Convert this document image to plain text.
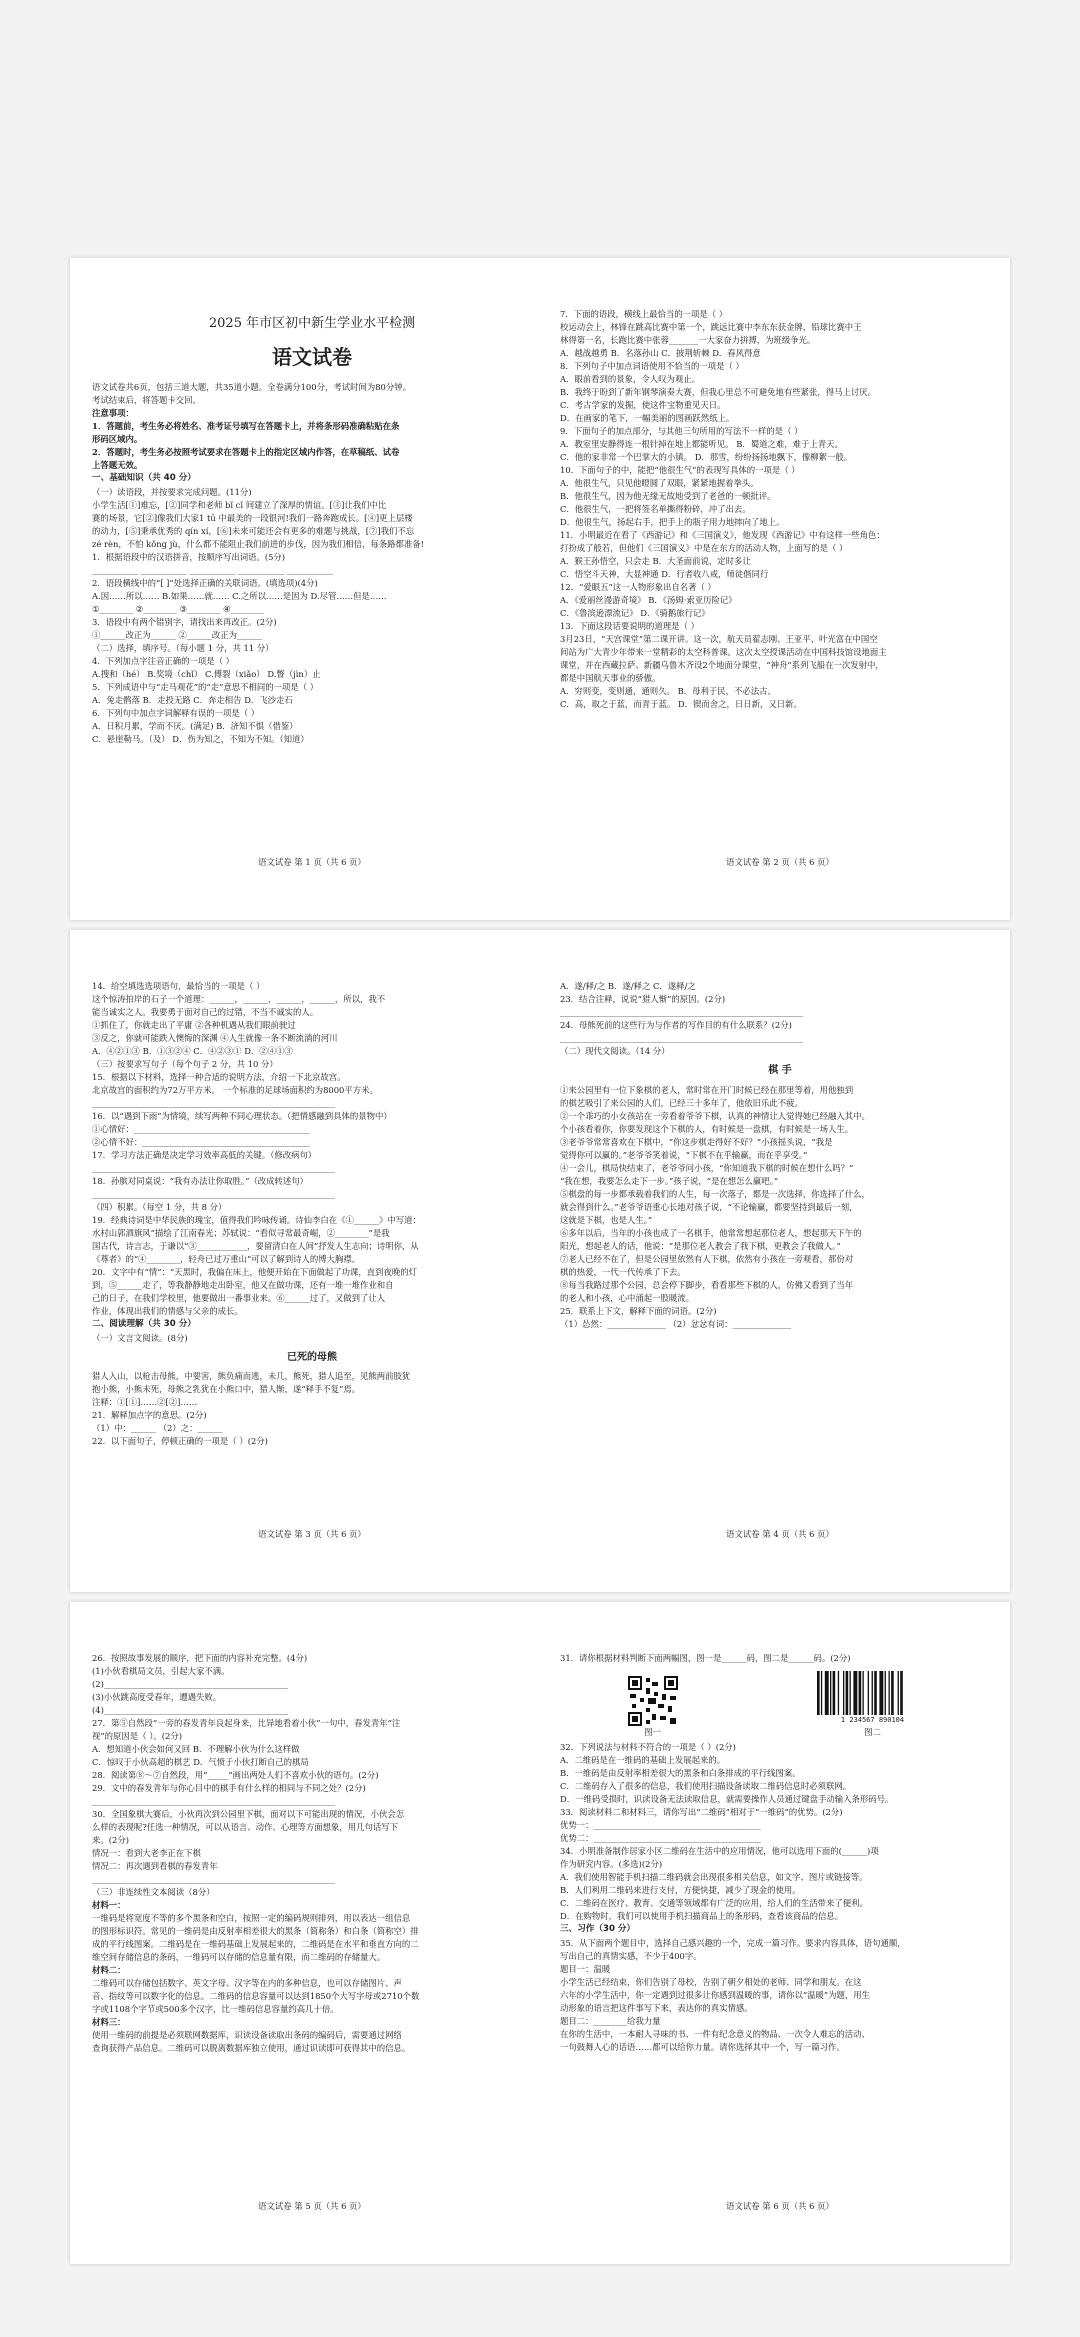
2025 年市区初中新生学业水平检测
语文试卷
语文试卷共6页，包括三道大题，共35道小题。全卷满分100分，考试时间为80分钟。
考试结束后，将答题卡交回。
注意事项：
1．答题前，考生务必将姓名、准考证号填写在答题卡上，并将条形码准确粘贴在条
形码区域内。
2．答题时，考生务必按照考试要求在答题卡上的指定区域内作答，在草稿纸、试卷
上答题无效。
一、基础知识（共 40 分）
（一）读语段，并按要求完成问题。(11分)
小学生活[①]难忘，[②]同学和老师 bǐ cǐ 间建立了深厚的情谊。[③]让我们中比
赛的场景，它[②]像我们大家1 tū 中最美的一段银河!我们一路奔跑成长。[④]更上层楼
的动力，[⑤]秉承优秀的 qín xí，[⑥]未来可能还会有更多的难题与挑战，[⑦]我们不忘
zé rèn，不怕 kǒng jù，什么都不能阻止我们前进的步伐，因为我们相信，每条路都准备!
1．根据语段中的汉语拼音，按顺序写出词语。(5分)
___________ ___________ ___________ ___________ ___________
2．语段横线中的“[ ]”处选择正确的关联词语。(填选项)(4分)
A.因……所以…… B.如果……就…… C.之所以……是因为 D.尽管……但是……
①________ ②________ ③________ ④________
3．语段中有两个错别字，请找出来再改正。(2分)
①______改正为______ ②______改正为______
（二）选择，填序号。（每小题 1 分，共 11 分）
4．下列加点字注音正确的一项是（ ）
A.搜和（hé） B.奖境（chǐ） C.傅裂（xiǎo） D.瞥（jìn）止
5．下列成语中与“走马观花”的“走”意思不相同的一项是（ ）
A．兔走鹘落 B．走投无路 C．奔走相告 D．飞沙走石
6．下列句中加点字词解释有误的一项是（ ）
A．日积月累，学而不厌。(满足) B．济知不惧（借鉴）
C．悬崖勒马。（及） D．伤为知之，不知为不知。（知道）
7．下面的语段，横线上最恰当的一项是（ ）
校运动会上，林锋在跳高比赛中第一个，跳远比赛中李东东获金牌，铅球比赛中王
林得第一名，长跑比赛中张蓉_______一大家奋力拼搏，为班级争光。
A．越战越勇 B．名落孙山 C．披荆斩棘 D．春风得意
8．下列句子中加点词语使用不恰当的一项是（ ）
A．眼前看到的景象，令人叹为观止。
B．我终于盼到了新年钢琴演奏大赛，但我心里总不可避免地有些紧张，得马上讨厌。
C．考古学家的发掘，使这件宝物重见天日。
D．在画家的笔下，一幅美丽的图画跃然纸上。
9．下面句子的加点部分，与其他三句所用的写法不一样的是（ ）
A．教室里安静得连一根针掉在地上都能听见。 B．蜀道之难，难于上青天。
C．他的家非常一个巴掌大的小镇。 D．那雪，纷纷扬扬地飘下，像柳絮一般。
10．下面句子的中，能把“他很生气”的表现写具体的一项是（ ）
A．他很生气，只见他瞪圆了双眼，紧紧地握着拳头。
B．他很生气，因为他无缘无故地受到了老爸的一顿批评。
C．他很生气，一把将签名单撕得粉碎，冲了出去。
D．他很生气，扬起右手，把手上的瓶子用力地摔向了地上。
11．小明最近在看了《西游记》和《三国演义》，他发现《西游记》中有这样一些角色：
打扮成了般若，但他们《三国演义》中是在东方的活动人物，上面写的是（ ）
A．猴王孙悟空，只会走 B．大圣面前说，定时多让
C．悟空斗天神，大显神通 D．行者收八戒，师徒偕同行
12．“爱眼五”这一人物形象出自名著（ ）
A．《爱丽丝漫游奇境》 B．《汤姆·索亚历险记》
C．《鲁滨逊漂流记》 D．《骑鹅旅行记》
13．下面这段话要说明的道理是（ ）
3月23日，“天宫课堂”第二课开讲。这一次，航天员翟志刚、王亚平、叶光富在中国空
间站为广大青少年带来一堂精彩的太空科普课。这次太空授课活动在中国科技馆设地面主
课堂，并在西藏拉萨、新疆乌鲁木齐设2个地面分课堂，“神舟”系列飞船在一次发射中，
都是中国航天事业的骄傲。
A．穷则变，变则通，通则久。 B．母利于民，不必法古。
C．高，取之于蓝，而青于蓝。 D．锲而舍之，日日新，又日新。
语文试卷 第 1 页（共 6 页）	语文试卷 第 2 页（共 6 页）
14．给空填选选项语句，最恰当的一项是（ ）
这个惊涛拍岸的石子一个道理：______，______，______，______，所以，我不
能当诚实之人。我要勇于面对自己的过错，不当不诚实的人。
①抓住了，你就走出了平庸 ②各种机遇从我们眼前驶过
③反之，你就可能跌入懊悔的深渊 ④人生就像一条不断流淌的河川
A．④②①③ B．①③②④ C．④②③① D．②④①③
（三）按要求写句子（每个句子 2 分，共 10 分）
15．根据以下材料，选择一种合适的说明方法，介绍一下北京故宫。
北京故宫的面积约为72万平方米。 一个标准的足球场面积约为8000平方米。
__________________________________________________________
16．以“遇到下雨”为情境，续写两种不同心理状态。（把情感融到具体的景物中）
①心情好：__________________________________________
②心情不好：________________________________________
17．学习方法正确是决定学习效率高低的关键。（修改病句）
__________________________________________________________
18．孙膑对同桌说：“我有办法让你取胜。”（改成转述句）
__________________________________________________________
（四）积累。（每空 1 分，共 8 分）
19．经典诗词是中华民族的瑰宝，值得我们吟咏传诵。诗仙李白在《①______》中写道：
水村山郭酒旗风”描绘了江南春光；苏轼说：“看似寻常最奇崛，②________”是我
国古代，诗言志，于谦以“③____________，要留清白在人间”抒发人生志向；诗明你，从
《尊者》的“④________，轻舟已过万重山”可以了解到诗人的博大胸襟。
20．文字中有“情”：“天黑时，我偏在床上，他便开始在下面做起了功课，直到夜晚的灯
到，⑤______走了，等我静静地走出卧室，他又在做功课，还有一堆一堆作业和自
己的日子，在我们学校里，他要做出一番事业来。⑥______过了，又做到了让人
作业，体现出我们的情感与父亲的成长。
二、阅读理解（共 30 分）
（一）文言文阅读。(8分)
已死的母熊
猎人入山，以枪击母熊，中要害，熊负痛而逃，未几，熊死，猎人追至，见熊两前肢犹
抱小熊，小熊未死，母熊之乳犹在小熊口中，猎人惭，遂“释手不复”焉。
注释：①[①]……②[②]……
21．解释加点字的意思。(2分)
（1）中：______ （2）之：______
22．以下面句子，停顿正确的一项是（ ）(2分)
A．遂/释/之 B．遂/释之 C．遂释/之
23．结合注释，说说“猎人惭”的原因。(2分)
__________________________________________________________
24．母熊死前的这些行为与作者的写作目的有什么联系？(2分)
__________________________________________________________
（二）现代文阅读。（14 分）
棋 手
①来公园里有一位下象棋的老人，常时常在开门时候已经在那里等着，用他独到
的棋艺吸引了来公园的人们，已经三十多年了，他依旧乐此不疲。
②一个乖巧的小女孩站在一旁看着爷爷下棋，认真的神情让人觉得她已经融入其中。
个小孩看着你，你要发现这个下棋的人，有时候是一盘棋，有时候是一场人生。
③老爷爷常常喜欢在下棋中，“你这步棋走得好不好？”小孩摇头说，“我是
觉得你可以赢的。”老爷爷笑着说，“下棋不在乎输赢，而在乎享受。”
④一会儿，棋局快结束了，老爷爷问小孩，“你知道我下棋的时候在想什么吗？”
“我在想，我要怎么走下一步。”孩子说，“是在想怎么赢吧。”
⑤棋盘的每一步都承载着我们的人生，每一次落子，都是一次选择，你选择了什么，
就会得到什么。”老爷爷语重心长地对孩子说，“不论输赢，都要坚持到最后一刻，
这就是下棋，也是人生。”
⑥多年以后，当年的小孩也成了一名棋手，他常常想起那位老人，想起那天下午的
阳光，想起老人的话，他说：“是那位老人教会了我下棋，更教会了我做人。”
⑦老人已经不在了，但是公园里依然有人下棋，依然有小孩在一旁观看，那份对
棋的热爱，一代一代传承了下去。
⑧每当我路过那个公园，总会停下脚步，看看那些下棋的人，仿佛又看到了当年
的老人和小孩，心中涌起一股暖流。
25．联系上下文，解释下面的词语。(2分)
（1）怂然：______________ （2）忿忿有词：______________
语文试卷 第 3 页（共 6 页）	语文试卷 第 4 页（共 6 页）
26．按照故事发展的顺序，把下面的内容补充完整。(4分)
(1)小伙看棋局文员，引起大家不满。
(2)____________________________________________
(3)小伙跳高度受春年，遭遇失败。
(4)____________________________________________
27．第⑤自然段“一旁的春发青年良起身来，比异地看着小伙”一句中，春发青年“注
视”的原因是（ ）。(2分)
A．想知道小伙会如何又回 B．不理解小伙为什么这样做
C．惊叹于小伙高超的棋艺 D．气愤于小伙打断自己的棋局
28．阅读第⑧～⑦自然段，用“_____”画出两处人们不喜欢小伙的语句。(2分)
29．文中的春发青年与你心目中的棋手有什么样的相同与不同之处？(2分)
__________________________________________________________
30．全国象棋大赛后，小伙再次到公园里下棋，面对以下可能出现的情况，小伙会怎
么样的表现呢?任选一种情况，可以从语言、动作、心理等方面想象，用几句话写下
来。(2分)
情况一：看到大老李正在下棋
情况二：再次遇到看棋的春发青年
__________________________________________________________
（三）非连续性文本阅读（8分）
材料一：
一维码是将宽度不等的多个黑条和空白，按照一定的编码规则排列，用以表达一组信息
的图形标识符。常见的一维码是由反射率相差很大的黑条（简称条）和白条（简称空）排
成的平行线图案。二维码是在一维码基础上发展起来的，二维码是在水平和垂直方向的二
维空间存储信息的条码，一维码可以存储的信息量有限，而二维码的存储量大。
材料二：
二维码可以存储包括数字、英文字母、汉字等在内的多种信息，也可以存储图片、声
音、指纹等可以数字化的信息。二维码的信息容量可以达到1850个大写字母或2710个数
字或1108个字节或500多个汉字，比一维码信息容量约高几十倍。
材料三：
使用一维码的前提是必须联网数据库，识读设备读取出条码的编码后，需要通过网络
查询获得产品信息。二维码可以脱离数据库独立使用，通过识读即可获得其中的信息。
31．请你根据材料判断下面两幅图，图一是______码，图二是______码。(2分)
图一
1 234567 890104
图二
32．下列说法与材料不符合的一项是（ ）(2分)
A．二维码是在一维码的基础上发展起来的。
B．一维码是由反射率相差很大的黑条和白条排成的平行线图案。
C．二维码存入了很多的信息，我们使用扫描设备读取二维码信息时必须联网。
D．一维码受损时，识读设备无法读取信息，就需要操作人员通过键盘手动输入条形码号。
33．阅读材料二和材料三，请你写出“二维码”相对于“一维码”的优势。(2分)
优势一：________________________________________
优势二：________________________________________
34．小明准备制作居家小区二维码在生活中的应用情况，他可以选用下面的(______)项
作为研究内容。(多选)(2分)
A．我们使用智能手机扫描二维码就会出现很多相关信息，如文字、图片或链接等。
B．人们利用二维码来进行支付，方便快捷，减少了现金的使用。
C．二维码在医疗、教育、交通等领域都有广泛的应用，给人们的生活带来了便利。
D．在购物时，我们可以使用手机扫描商品上的条形码，查看该商品的信息。
三、习作（30 分）
35．从下面两个题目中，选择自己感兴趣的一个，完成一篇习作。要求内容具体，语句通顺，
写出自己的真情实感，不少于400字。
题目一：温暖
小学生活已经结束，你们告别了母校，告别了朝夕相处的老师、同学和朋友。在这
六年的小学生活中，你一定遇到过很多让你感到温暖的事，请你以“温暖”为题，用生
动形象的语言把这件事写下来，表达你的真实情感。
题目二：________给我力量
在你的生活中，一本耐人寻味的书、一件有纪念意义的物品、一次令人难忘的活动、
一句鼓舞人心的话语……都可以给你力量。请你选择其中一个，写一篇习作。
语文试卷 第 5 页（共 6 页）	语文试卷 第 6 页（共 6 页）
